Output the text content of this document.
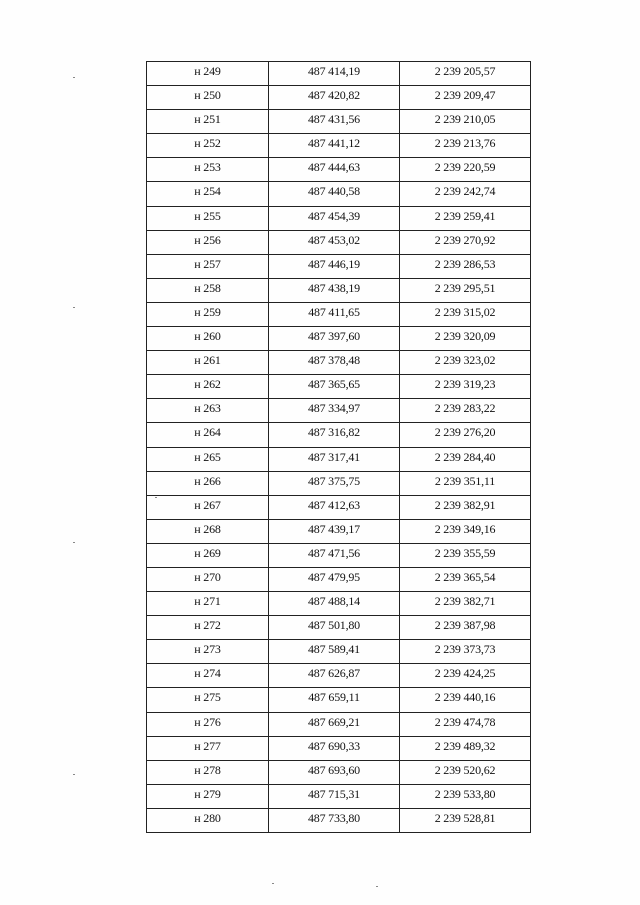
н 249	487 414,19	2 239 205,57
н 250	487 420,82	2 239 209,47
н 251	487 431,56	2 239 210,05
н 252	487 441,12	2 239 213,76
н 253	487 444,63	2 239 220,59
н 254	487 440,58	2 239 242,74
н 255	487 454,39	2 239 259,41
н 256	487 453,02	2 239 270,92
н 257	487 446,19	2 239 286,53
н 258	487 438,19	2 239 295,51
н 259	487 411,65	2 239 315,02
н 260	487 397,60	2 239 320,09
н 261	487 378,48	2 239 323,02
н 262	487 365,65	2 239 319,23
н 263	487 334,97	2 239 283,22
н 264	487 316,82	2 239 276,20
н 265	487 317,41	2 239 284,40
н 266	487 375,75	2 239 351,11
н 267	487 412,63	2 239 382,91
н 268	487 439,17	2 239 349,16
н 269	487 471,56	2 239 355,59
н 270	487 479,95	2 239 365,54
н 271	487 488,14	2 239 382,71
н 272	487 501,80	2 239 387,98
н 273	487 589,41	2 239 373,73
н 274	487 626,87	2 239 424,25
н 275	487 659,11	2 239 440,16
н 276	487 669,21	2 239 474,78
н 277	487 690,33	2 239 489,32
н 278	487 693,60	2 239 520,62
н 279	487 715,31	2 239 533,80
н 280	487 733,80	2 239 528,81
